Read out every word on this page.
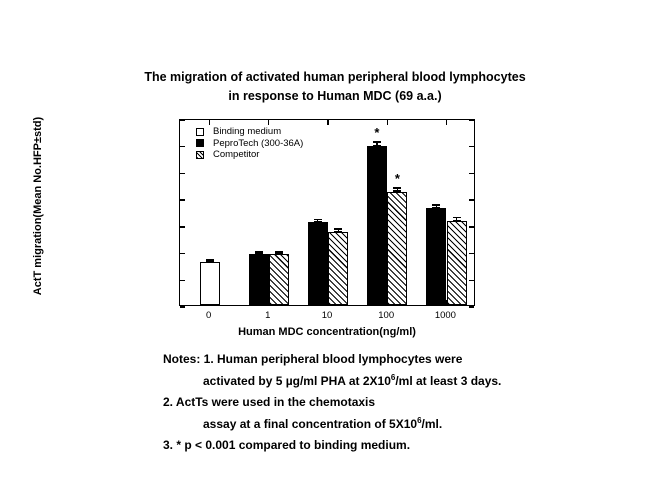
The migration of activated human peripheral blood lymphocytes
in response to Human MDC (69 a.a.)
ActT migration(Mean No.HFP±std)	*
*
Human MDC concentration(ng/ml)
Binding medium
PeproTech (300-36A)
Competitor
0	1	10	100	1000
Notes: 1. Human peripheral blood lymphocytes were
activated by 5 µg/ml PHA at $2X10^6/ml$ at least 3 days.
2. ActTs were used in the chemotaxis
assay at a final concentration of $5X10^6/ml$.
3. * p < 0.001 compared to binding medium.
